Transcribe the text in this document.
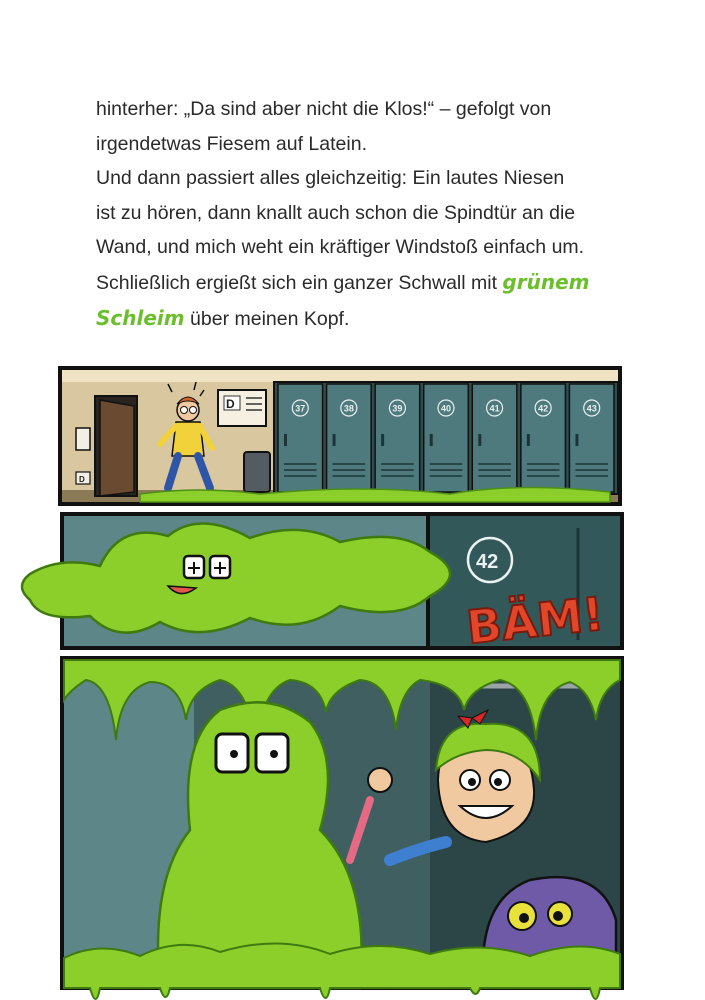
hinterher: „Da sind aber nicht die Klos!“ – gefolgt von
irgendetwas Fiesem auf Latein.
Und dann passiert alles gleichzeitig: Ein lautes Niesen
ist zu hören, dann knallt auch schon die Spindtür an die
Wand, und mich weht ein kräftiger Windstoß einfach um.
Schließlich ergießt sich ein ganzer Schwall mit grünem
Schleim über meinen Kopf.
D
D	37	38	39	40	41	42	43
42
BÄM!
